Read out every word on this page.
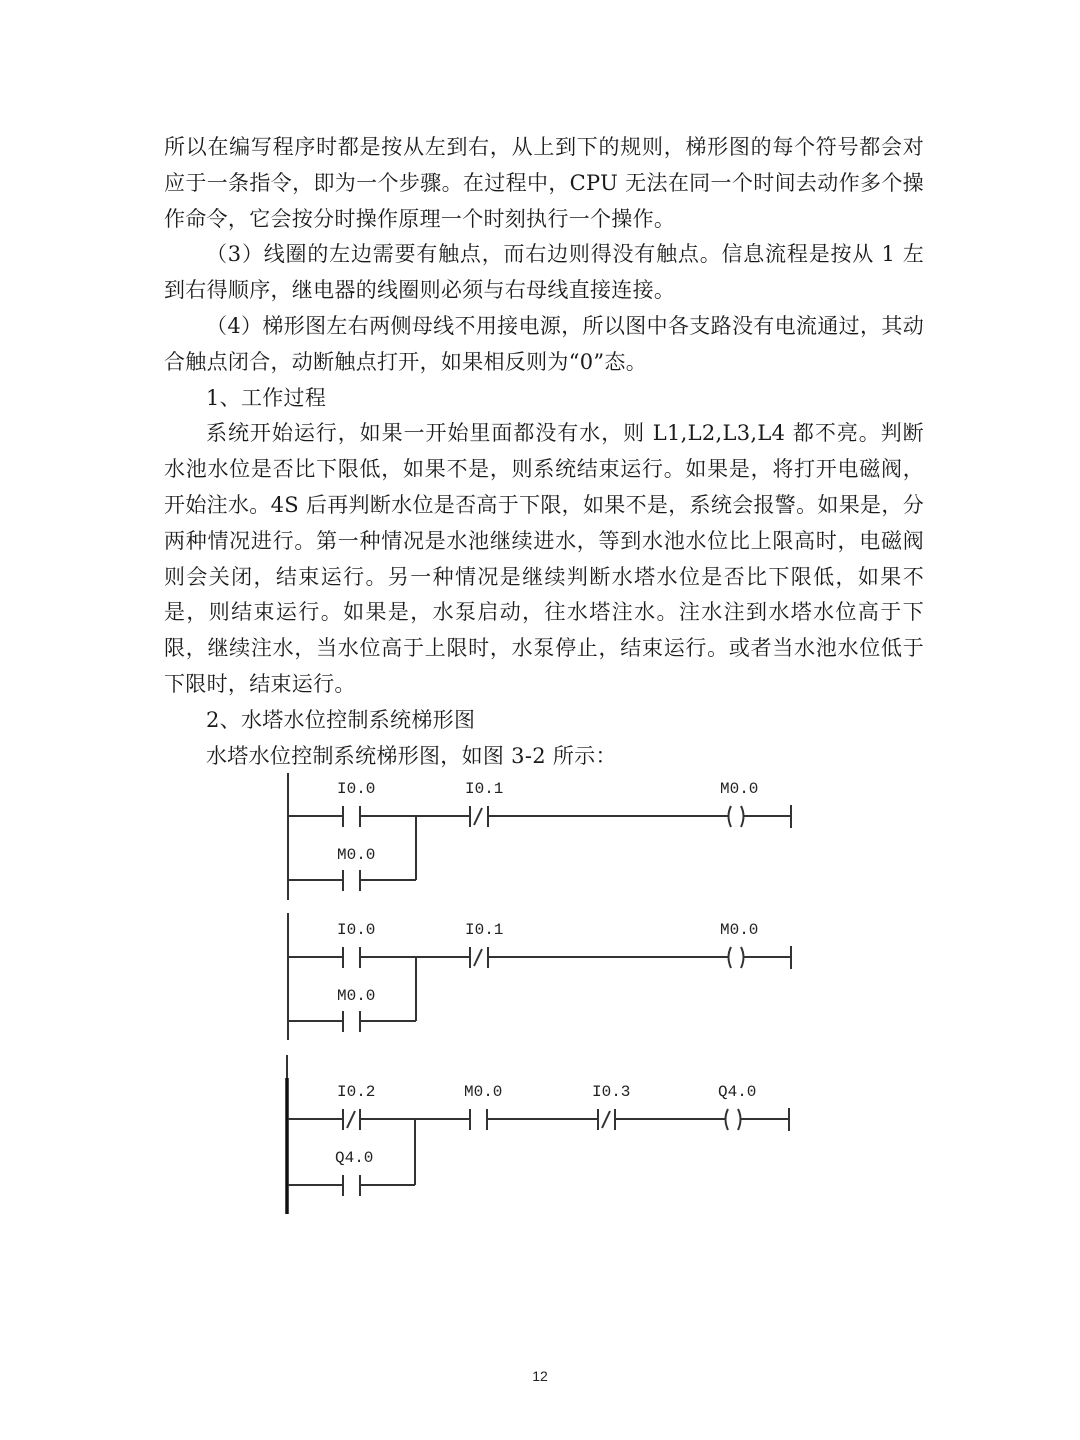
所以在编写程序时都是按从左到右，从上到下的规则，梯形图的每个符号都会对应于一条指令，即为一个步骤。在过程中，CPU 无法在同一个时间去动作多个操作命令，它会按分时操作原理一个时刻执行一个操作。

（3）线圈的左边需要有触点，而右边则得没有触点。信息流程是按从 1 左到右得顺序，继电器的线圈则必须与右母线直接连接。

（4）梯形图左右两侧母线不用接电源，所以图中各支路没有电流通过，其动合触点闭合，动断触点打开，如果相反则为“0”态。

1、工作过程

系统开始运行，如果一开始里面都没有水，则 L1,L2,L3,L4 都不亮。判断水池水位是否比下限低，如果不是，则系统结束运行。如果是，将打开电磁阀，开始注水。4S 后再判断水位是否高于下限，如果不是，系统会报警。如果是，分两种情况进行。第一种情况是水池继续进水，等到水池水位比上限高时，电磁阀则会关闭，结束运行。另一种情况是继续判断水塔水位是否比下限低，如果不是，则结束运行。如果是，水泵启动，往水塔注水。注水注到水塔水位高于下限，继续注水，当水位高于上限时，水泵停止，结束运行。或者当水池水位低于下限时，结束运行。

2、水塔水位控制系统梯形图

水塔水位控制系统梯形图，如图 3-2 所示：

I0.0	I0.1	M0.0
M0.0
I0.0	I0.1	M0.0
M0.0
I0.2	M0.0	I0.3	Q4.0
Q4.0
12
